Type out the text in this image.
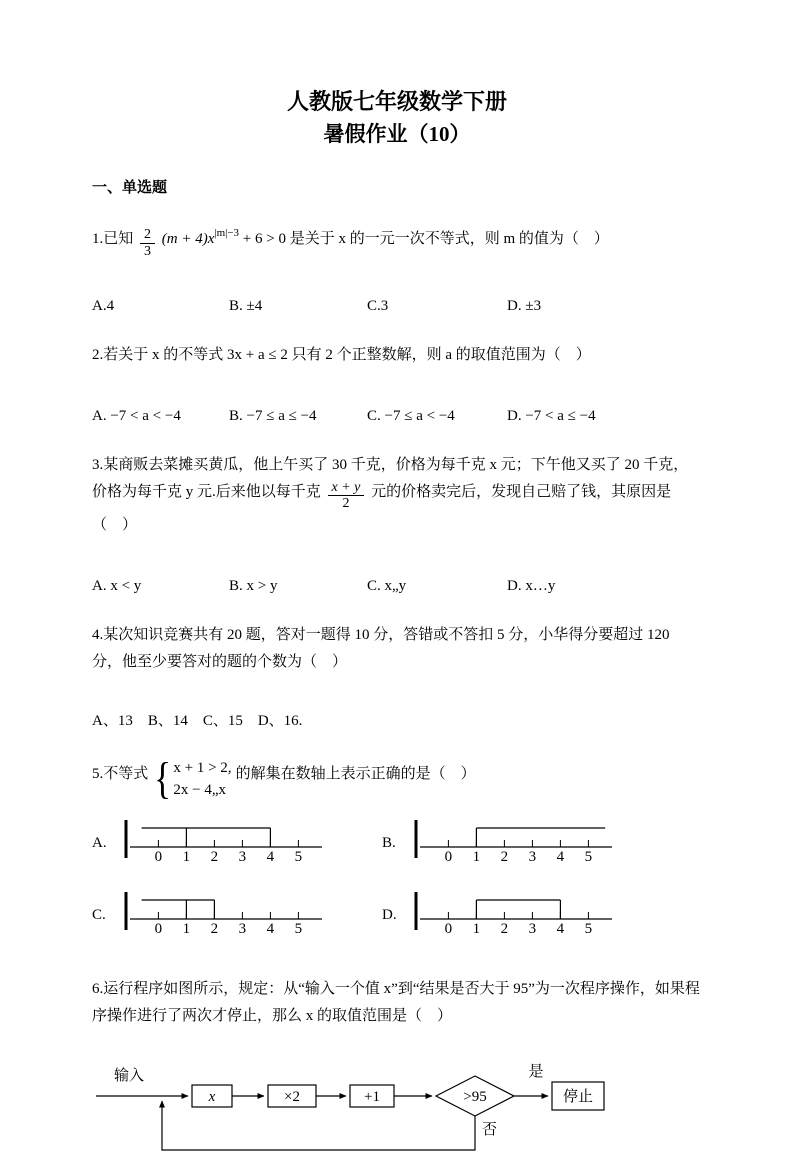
人教版七年级数学下册
暑假作业（10）
一、单选题

1.已知 $\frac{2}{3} (m + 4)x^{|m|-3} + 6 > 0$ 是关于 x 的一元一次不等式，则 m 的值为（　）

A.4	B. ±4	C.3	D. ±3

2.若关于 x 的不等式 3x + a ≤ 2 只有 2 个正整数解，则 a 的取值范围为（　）

A. −7 < a < −4	B. −7 ≤ a ≤ −4	C. −7 ≤ a < −4	D. −7 < a ≤ −4

3.某商贩去菜摊买黄瓜，他上午买了 30 千克，价格为每千克 x 元；下午他又买了 20 千克，价格为每千克 y 元.后来他以每千克 $\frac{x + y}{2}$ 元的价格卖完后，发现自己赔了钱，其原因是（　）

A. x < y	B. x > y	C. x„y	D. x…y

4.某次知识竞赛共有 20 题，答对一题得 10 分，答错或不答扣 5 分，小华得分要超过 120 分，他至少要答对的题的个数为（　）

A、13　B、14　C、15　D、16.

5.不等式 { x + 1 > 2,
2x − 4„x
的解集在数轴上表示正确的是（　）
A.
0 1 2 3 4 5
B.
0 1 2 3 4 5
C.
0 1 2 3 4 5
D.
0 1 2 3 4 5

6.运行程序如图所示，规定：从“输入一个值 x”到“结果是否大于 95”为一次程序操作，如果程
序操作进行了两次才停止，那么 x 的取值范围是（　）

输入
x	×2	+1	>95
是
停止
否
